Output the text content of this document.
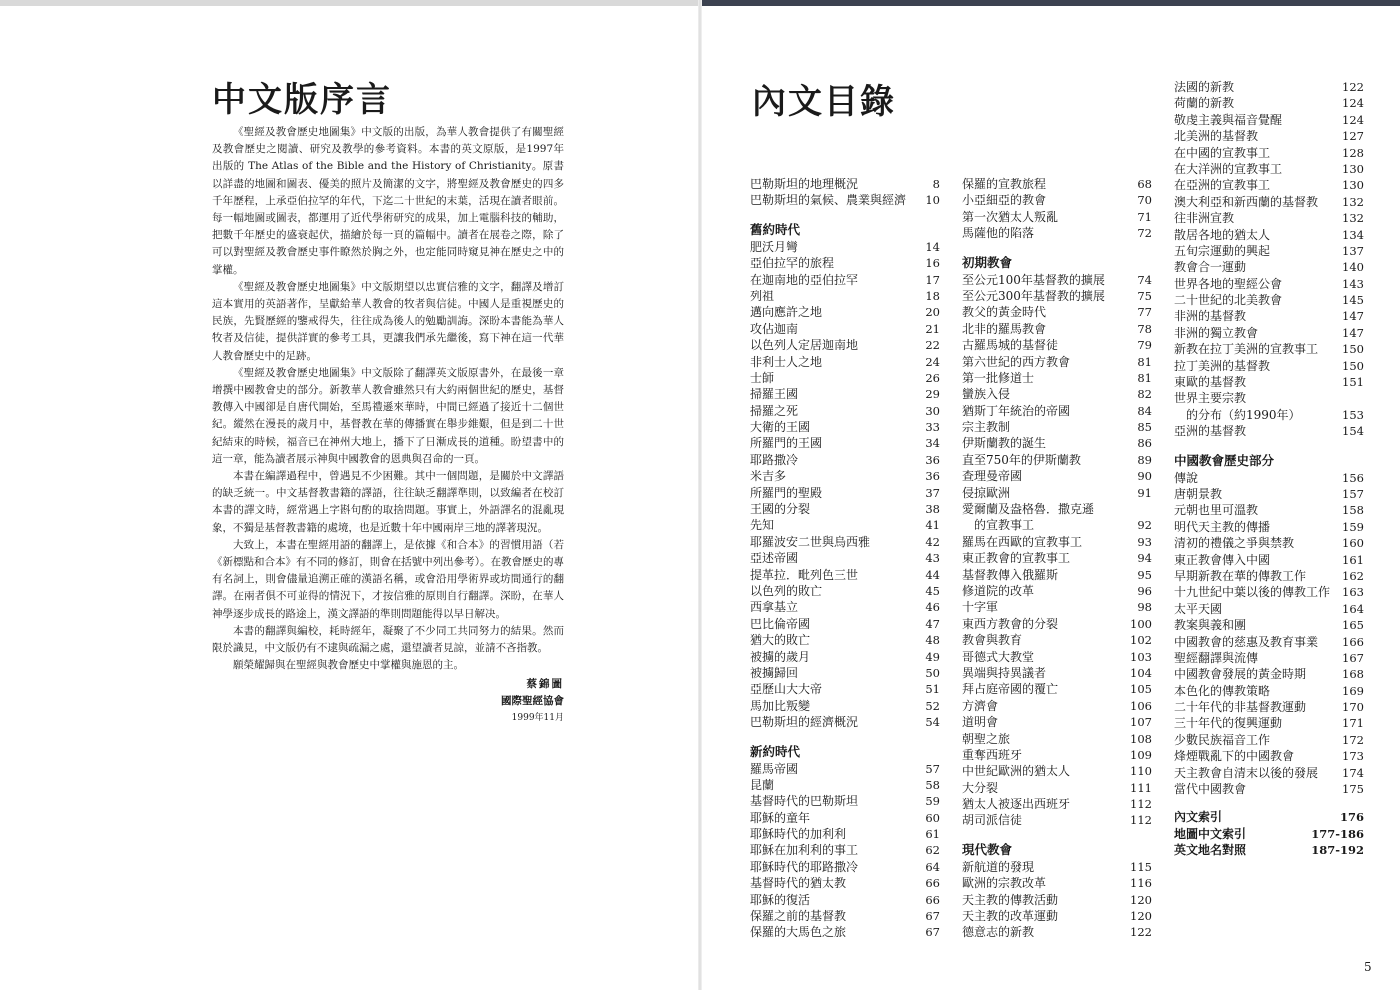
中文版序言

《聖經及教會歷史地圖集》中文版的出版，為華人教會提供了有關聖經及教會歷史之閱讀、研究及教學的參考資料。本書的英文原版，是1997年出版的 The Atlas of the Bible and the History of Christianity。原書以詳盡的地圖和圖表、優美的照片及簡潔的文字，將聖經及教會歷史的四多千年歷程，上承亞伯拉罕的年代，下迄二十世紀的末葉，活現在讀者眼前。每一幅地圖或圖表，都運用了近代學術研究的成果，加上電腦科技的輔助，把數千年歷史的盛衰起伏，描繪於每一頁的篇幅中。讀者在展卷之際，除了可以對聖經及教會歷史事件瞭然於胸之外，也定能同時窺見神在歷史之中的掌權。

《聖經及教會歷史地圖集》中文版期望以忠實信雅的文字，翻譯及增訂這本實用的英語著作，呈獻給華人教會的牧者與信徒。中國人是重視歷史的民族，先賢歷經的鑒戒得失，往往成為後人的勉勵訓誨。深盼本書能為華人牧者及信徒，提供詳實的參考工具，更讓我們承先繼後，寫下神在這一代華人教會歷史中的足跡。

《聖經及教會歷史地圖集》中文版除了翻譯英文版原書外，在最後一章增撰中國教會史的部分。新教華人教會雖然只有大約兩個世紀的歷史，基督教傳入中國卻是自唐代開始，至馬禮遜來華時，中間已經過了接近十二個世紀。縱然在漫長的歲月中，基督教在華的傳播實在舉步維艱，但是到二十世紀結束的時候，福音已在神州大地上，播下了日漸成長的道種。盼望書中的這一章，能為讀者展示神與中國教會的恩典與召命的一頁。

本書在編譯過程中，曾遇見不少困難。其中一個問題，是關於中文譯語的缺乏統一。中文基督教書籍的譯語，往往缺乏翻譯準則，以致編者在校訂本書的譯文時，經常遇上字斟句酌的取捨問題。事實上，外語譯名的混亂現象，不獨是基督教書籍的處境，也是近數十年中國兩岸三地的譯著現況。

大致上，本書在聖經用語的翻譯上，是依據《和合本》的習慣用語（若《新標點和合本》有不同的修訂，則會在括號中列出參考）。在教會歷史的專有名詞上，則會儘量追溯正確的漢語名稱，或會沿用學術界或坊間通行的翻譯。在兩者俱不可並得的情況下，才按信雅的原則自行翻譯。深盼，在華人神學逐步成長的路途上，漢文譯語的準則問題能得以早日解决。

本書的翻譯與編校，耗時經年，凝聚了不少同工共同努力的結果。然而限於識見，中文版仍有不逮與疏漏之處，還望讀者見諒，並請不吝指教。

願榮耀歸與在聖經與教會歷史中掌權與施恩的主。

蔡錦圖
國際聖經協會
1999年11月
內文目錄
巴勒斯坦的地理概況	8
巴勒斯坦的氣候、農業與經濟 10
舊約時代
肥沃月彎	14
亞伯拉罕的旅程	16
在迦南地的亞伯拉罕	17
列祖	18
邁向應許之地	20
攻佔迦南	21
以色列人定居迦南地	22
非利士人之地	24
士師	26
掃羅王國	29
掃羅之死	30
大衛的王國	33
所羅門的王國	34
耶路撒冷	36
米吉多	36
所羅門的聖殿	37
王國的分裂	38
先知	41
耶羅波安二世與烏西雅	42
亞述帝國	43
提革拉．毗列色三世	44
以色列的敗亡	45
西拿基立	46
巴比倫帝國	47
猶大的敗亡	48
被擄的歲月	49
被擄歸回	50
亞歷山大大帝	51
馬加比叛變	52
巴勒斯坦的經濟概況	54
新約時代
羅馬帝國	57
昆蘭	58
基督時代的巴勒斯坦	59
耶穌的童年	60
耶穌時代的加利利	61
耶穌在加利利的事工	62
耶穌時代的耶路撒冷	64
基督時代的猶太教	66
耶穌的復活	66
保羅之前的基督教	67
保羅的大馬色之旅	67
保羅的宣教旅程	68
小亞細亞的教會	70
第一次猶太人叛亂	71
馬薩他的陷落	72
初期教會
至公元100年基督教的擴展	74
至公元300年基督教的擴展	75
教父的黃金時代	77
北非的羅馬教會	78
古羅馬城的基督徒	79
第六世紀的西方教會	81
第一批修道士	81
蠻族入侵	82
猶斯丁年統治的帝國	84
宗主教制	85
伊斯蘭教的誕生	86
直至750年的伊斯蘭教	89
查理曼帝國	90
侵掠歐洲	91
愛爾蘭及盎格魯．撒克遜
的宣教事工	92
羅馬在西歐的宣教事工	93
東正教會的宣教事工	94
基督教傳入俄羅斯	95
修道院的改革	96
十字軍	98
東西方教會的分裂	100
教會與教育	102
哥德式大教堂	103
異端與持異議者	104
拜占庭帝國的覆亡	105
方濟會	106
道明會	107
朝聖之旅	108
重奪西班牙	109
中世紀歐洲的猶太人	110
大分裂	111
猶太人被逐出西班牙	112
胡司派信徒	112
現代教會
新航道的發現	115
歐洲的宗教改革	116
天主教的傳教活動	120
天主教的改革運動	120
德意志的新教	122
法國的新教	122
荷蘭的新教	124
敬虔主義與福音覺醒	124
北美洲的基督教	127
在中國的宣教事工	128
在大洋洲的宣教事工	130
在亞洲的宣教事工	130
澳大利亞和新西蘭的基督教 132
往非洲宣教	132
散居各地的猶太人	134
五旬宗運動的興起	137
教會合一運動	140
世界各地的聖經公會	143
二十世紀的北美教會	145
非洲的基督教	147
非洲的獨立教會	147
新教在拉丁美洲的宣教事工 150
拉丁美洲的基督教	150
東歐的基督教	151
世界主要宗教
的分布（約1990年）	153
亞洲的基督教	154
中國教會歷史部分
傳說	156
唐朝景教	157
元朝也里可溫教	158
明代天主教的傳播	159
清初的禮儀之爭與禁教	160
東正教會傳入中國	161
早期新教在華的傳教工作	162
十九世紀中葉以後的傳教工作 163
太平天國	164
教案與義和團	165
中國教會的慈惠及教育事業 166
聖經翻譯與流傳	167
中國教會發展的黃金時期	168
本色化的傳教策略	169
二十年代的非基督教運動	170
三十年代的復興運動	171
少數民族福音工作	172
烽煙戰亂下的中國教會	173
天主教會自清末以後的發展 174
當代中國教會	175
內文索引	176
地圖中文索引	177-186
英文地名對照	187-192
5
